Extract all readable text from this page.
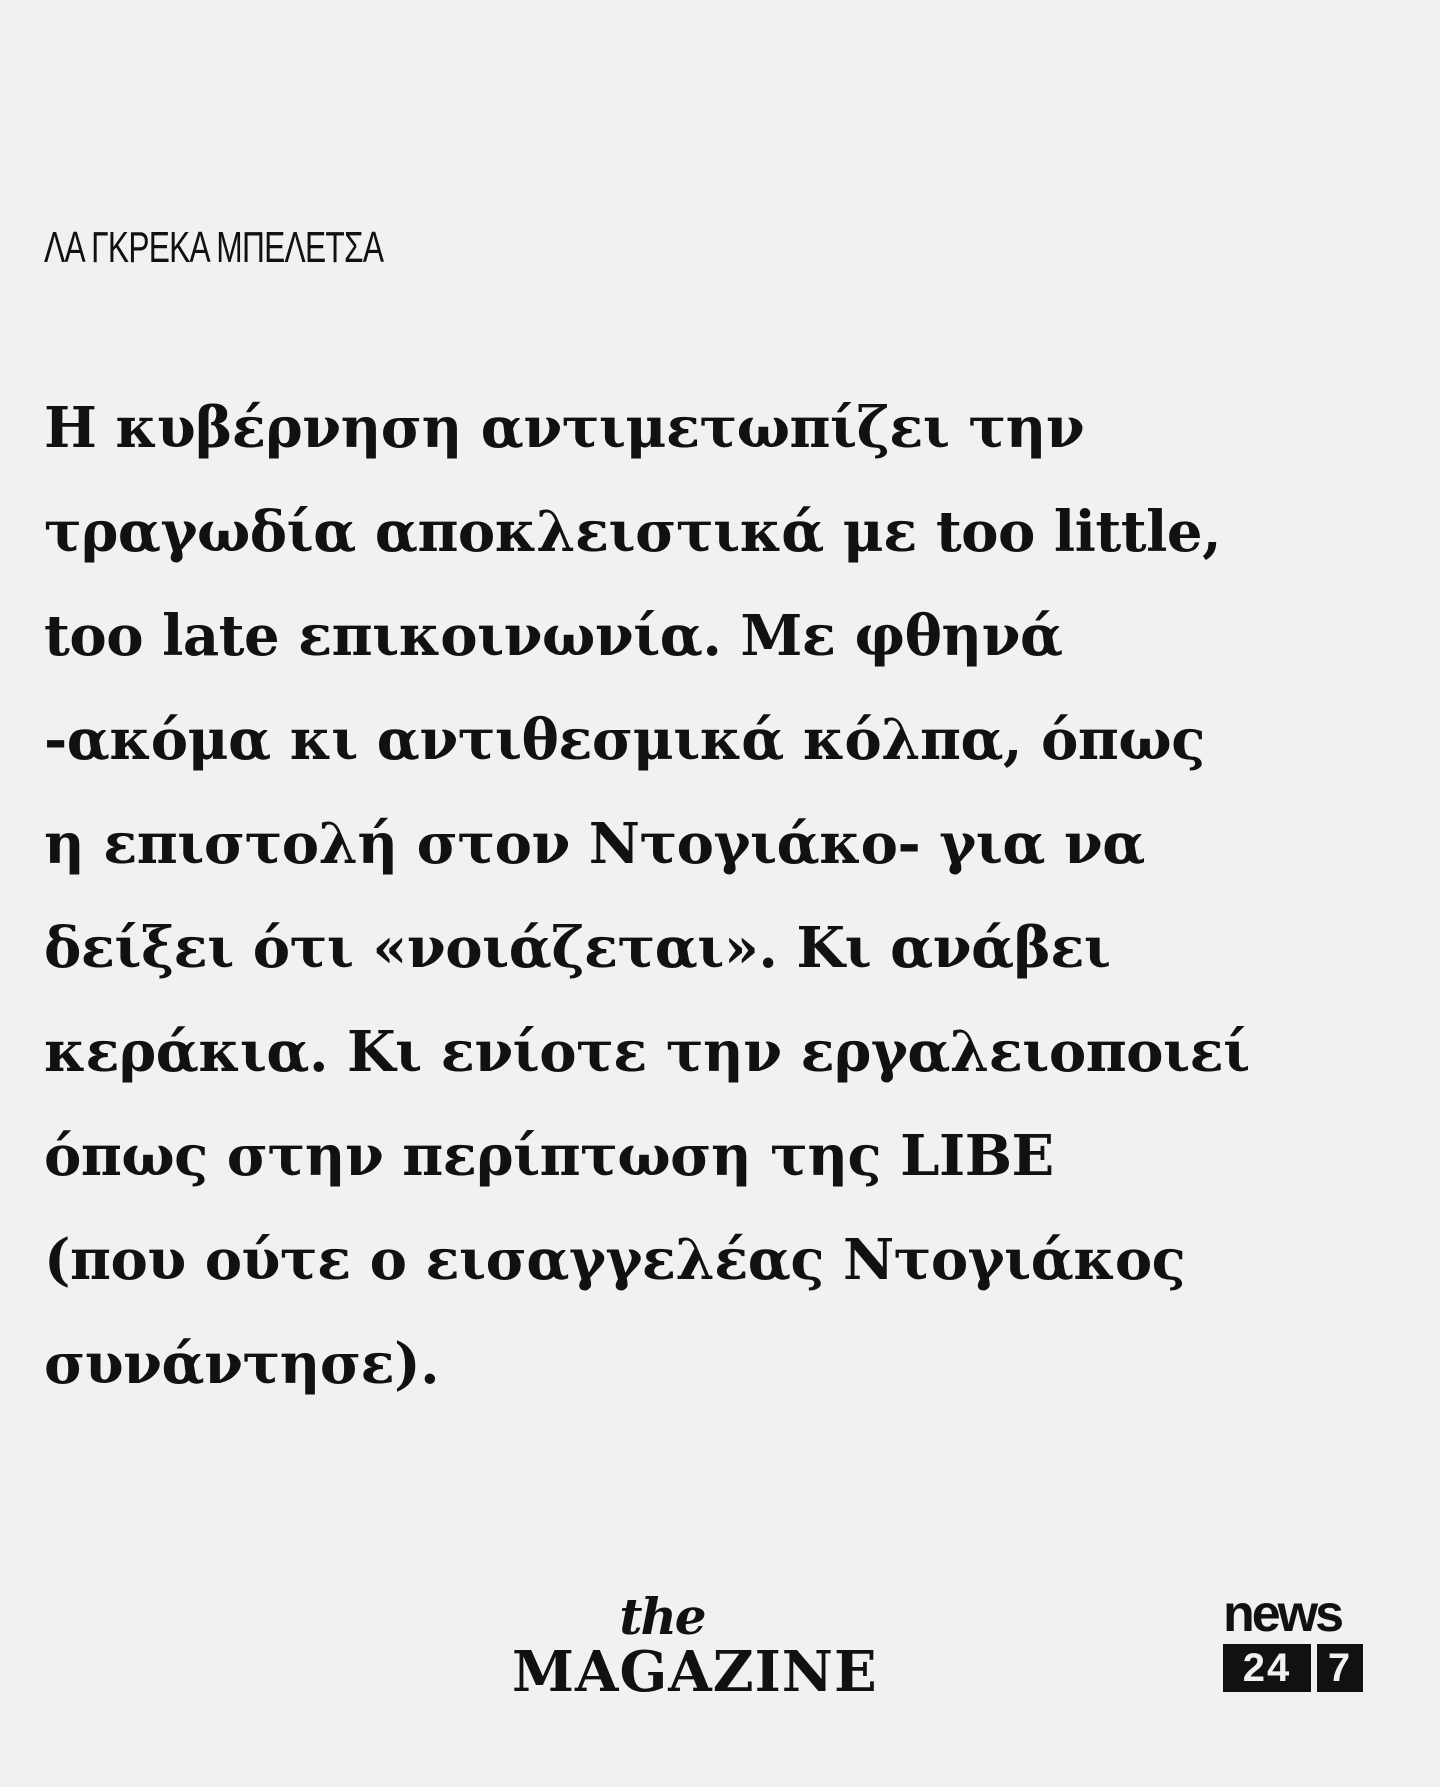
ΛΑ ΓΚΡΕΚΑ ΜΠΕΛΕΤΣΑ
Η κυβέρνηση αντιμετωπίζει την
τραγωδία αποκλειστικά με too little,
too late επικοινωνία. Με φθηνά
-ακόμα κι αντιθεσμικά κόλπα, όπως
η επιστολή στον Ντογιάκο- για να
δείξει ότι «νοιάζεται». Κι ανάβει
κεράκια. Κι ενίοτε την εργαλειοποιεί
όπως στην περίπτωση της LIBE
(που ούτε ο εισαγγελέας Ντογιάκος
συνάντησε).
the
MAGAZINE
news
24 7
